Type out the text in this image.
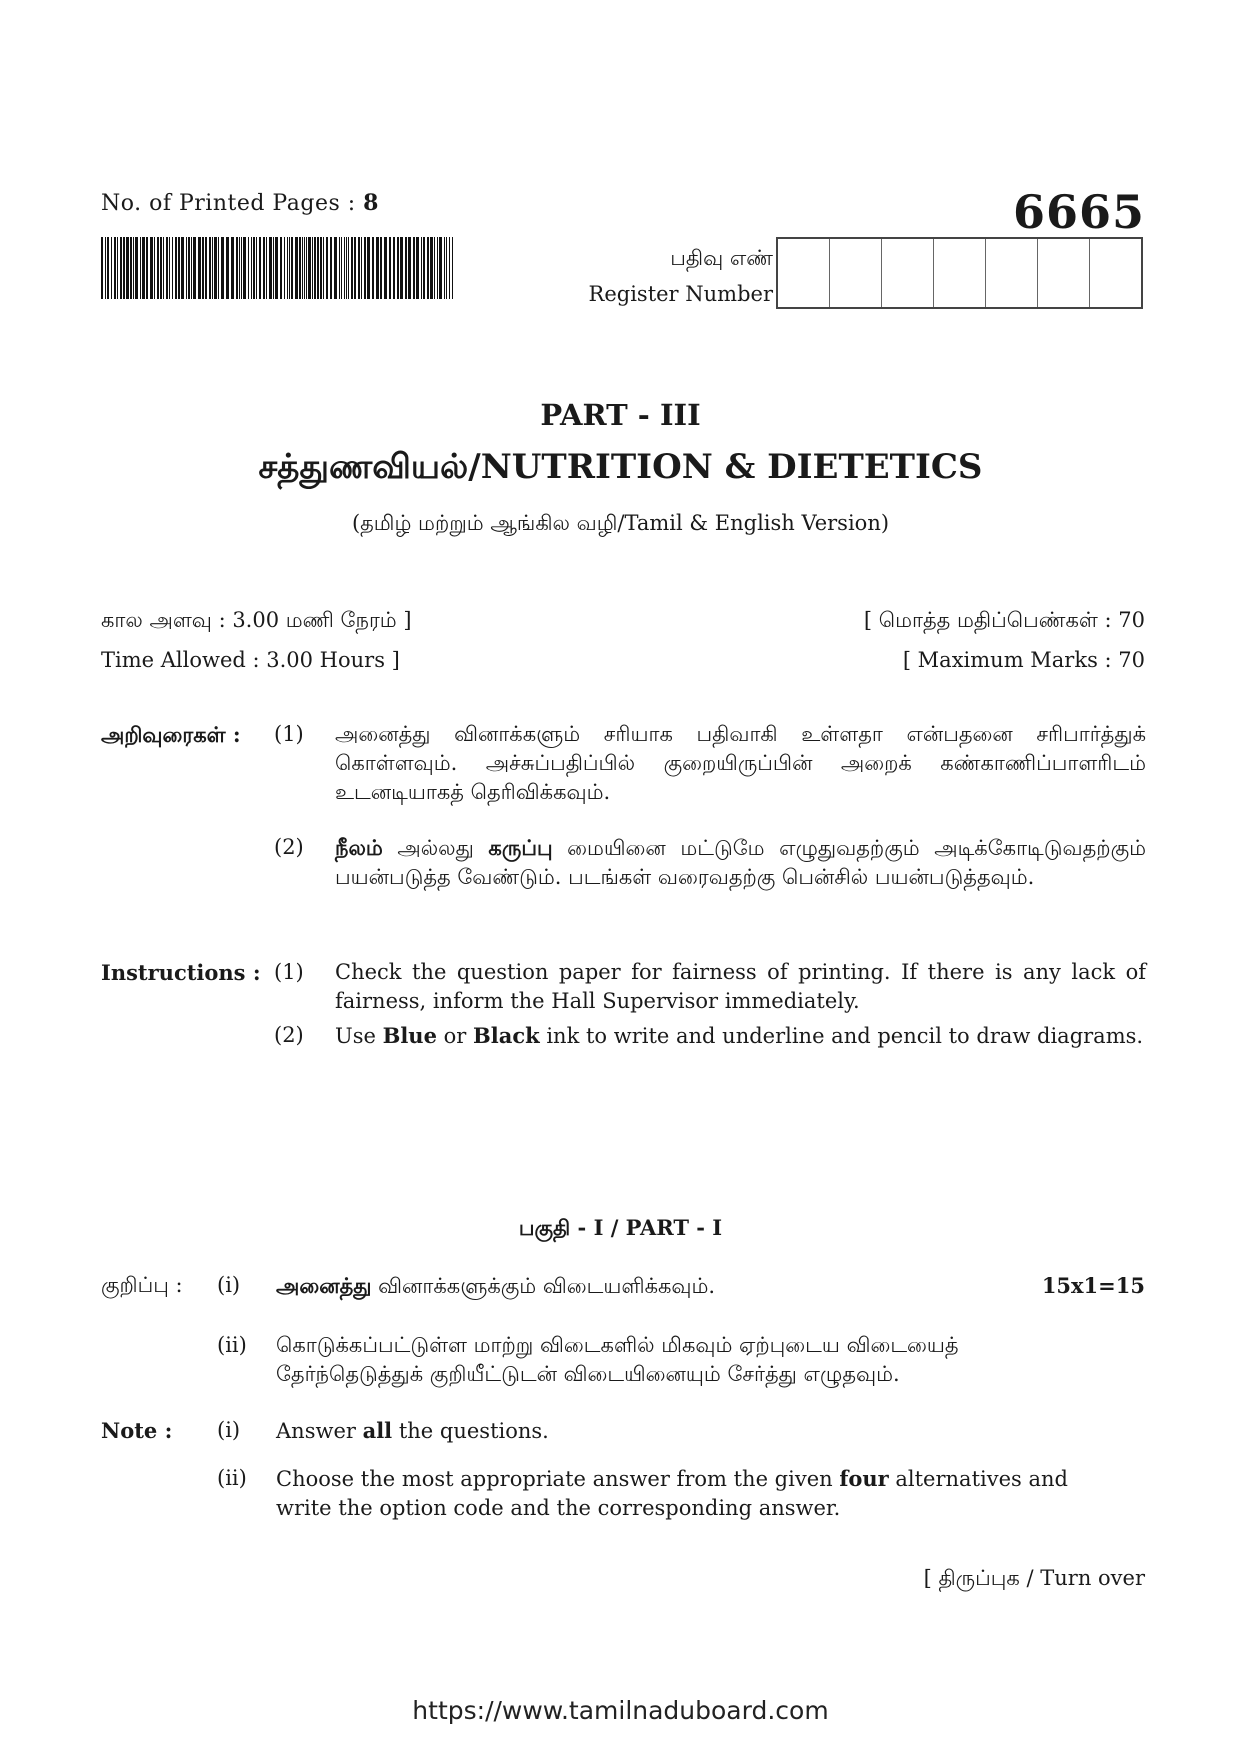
No. of Printed Pages : 8	6665
பதிவு எண்
Register Number
PART - III
சத்துணவியல்/NUTRITION & DIETETICS
(தமிழ் மற்றும் ஆங்கில வழி/Tamil & English Version)
கால அளவு : 3.00 மணி நேரம் ]
Time Allowed : 3.00 Hours ]
[ மொத்த மதிப்பெண்கள் : 70
[ Maximum Marks : 70
அறிவுரைகள் : (1) அனைத்து வினாக்களும் சரியாக பதிவாகி உள்ளதா என்பதனை சரிபார்த்துக் கொள்ளவும். அச்சுப்பதிப்பில் குறையிருப்பின் அறைக் கண்காணிப்பாளரிடம் உடனடியாகத் தெரிவிக்கவும்.
(2) நீலம் அல்லது கருப்பு மையினை மட்டுமே எழுதுவதற்கும் அடிக்கோடிடுவதற்கும் பயன்படுத்த வேண்டும். படங்கள் வரைவதற்கு பென்சில் பயன்படுத்தவும்.
Instructions : (1) Check the question paper for fairness of printing. If there is any lack of fairness, inform the Hall Supervisor immediately.
(2) Use Blue or Black ink to write and underline and pencil to draw diagrams.
பகுதி - I / PART - I
குறிப்பு : (i) அனைத்து வினாக்களுக்கும் விடையளிக்கவும்.	15x1=15
(ii) கொடுக்கப்பட்டுள்ள மாற்று விடைகளில் மிகவும் ஏற்புடைய விடையைத் தேர்ந்தெடுத்துக் குறியீட்டுடன் விடையினையும் சேர்த்து எழுதவும்.
Note : (i) Answer all the questions.
(ii) Choose the most appropriate answer from the given four alternatives and write the option code and the corresponding answer.
[ திருப்புக / Turn over
https://www.tamilnaduboard.com
